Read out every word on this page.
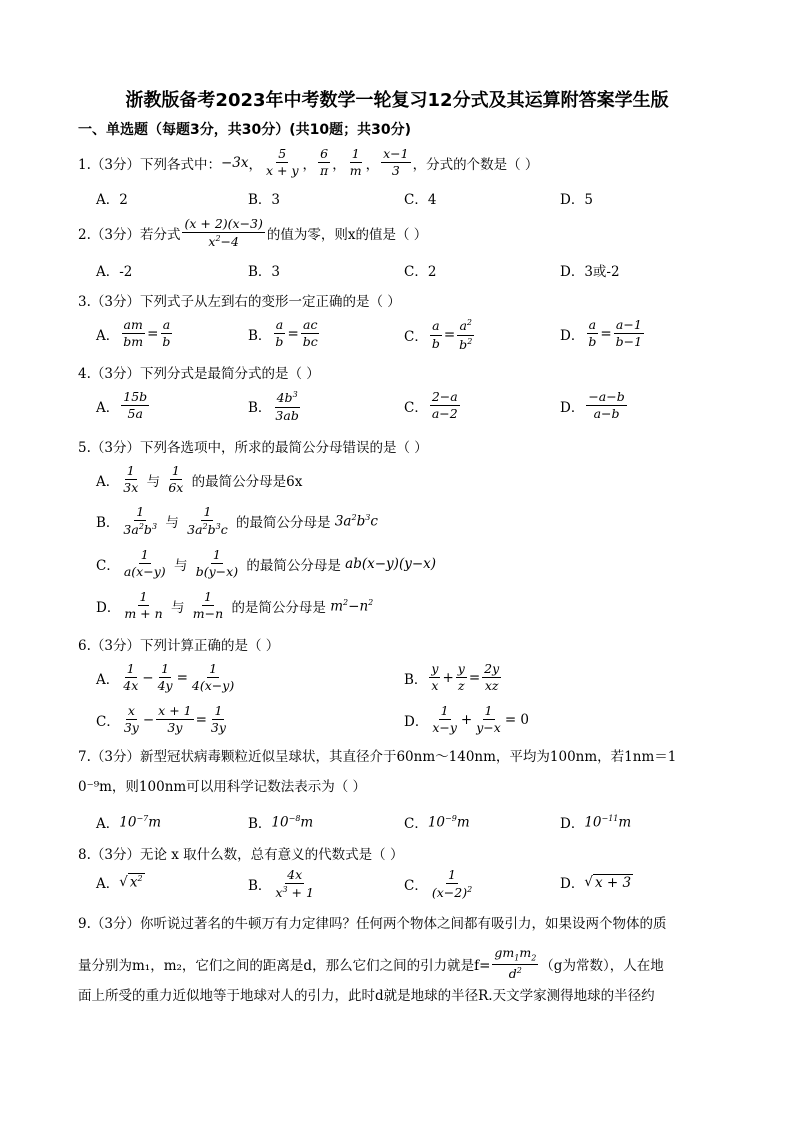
浙教版备考2023年中考数学一轮复习12分式及其运算附答案学生版
一、单选题（每题3分，共30分）(共10题；共30分)
1.（3分）下列各式中： −3x ， $\frac{5}{x + y}$ ， $\frac{6}{\pi}$ ， $\frac{1}{m}$ ， $\frac{x-1}{3}$ ，分式的个数是（ ）
A．2	B．3	C．4	D．5
2.（3分）若分式 $\frac{(x + 2)(x-3)}{x^2-4}$ 的值为零，则x的值是（ ）
A．-2	B．3	C．2	D．3或-2
3.（3分）下列式子从左到右的变形一定正确的是（ ）
A． $\frac{am}{bm} = \frac{a}{b}$	B． $\frac{a}{b} = \frac{ac}{bc}$	C． $\frac{a}{b} = \frac{a^2}{b^2}$	D． $\frac{a}{b} = \frac{a-1}{b-1}$
4.（3分）下列分式是最简分式的是（ ）
A． $\frac{15b}{5a}$	B． $\frac{4b^3}{3ab}$	C． $\frac{2-a}{a-2}$	D． $\frac{-a-b}{a-b}$
5.（3分）下列各选项中，所求的最简公分母错误的是（ ）
A． $\frac{1}{3x}$
与
$\frac{1}{6x}$
的最简公分母是6x
B． $\frac{1}{3a^2b^3}$
与
$\frac{1}{3a^2b^3c}$
的最简公分母是
$3a^2b^3c$
C． $\frac{1}{a(x-y)}$
与
$\frac{1}{b(y-x)}$
的最简公分母是
ab(x−y)(y−x)
D． $\frac{1}{m + n}$
与
$\frac{1}{m-n}$
的是简公分母是
$m^2-n^2$
6.（3分）下列计算正确的是（ ）
A． $\frac{1}{4x} - \frac{1}{4y} = \frac{1}{4(x-y)}$	B． $\frac{y}{x} + \frac{y}{z} = \frac{2y}{xz}$
C． $\frac{x}{3y} - \frac{x + 1}{3y} = \frac{1}{3y}$	D． $\frac{1}{x-y} + \frac{1}{y-x} = 0$
7.（3分）新型冠状病毒颗粒近似呈球状，其直径介于60nm～140nm，平均为100nm，若1nm＝1
0⁻⁹m，则100nm可以用科学记数法表示为（ ）
A． $10^{-7}m$	B． $10^{-8}m$	C． $10^{-9}m$	D． $10^{-11}m$
8.（3分）无论 x 取什么数，总有意义的代数式是（ ）
A． √ $x^2$	B． $\frac{4x}{x^3 + 1}$	C． $\frac{1}{(x-2)^2}$	D． √ x + 3
9.（3分）你听说过著名的牛顿万有力定律吗？任何两个物体之间都有吸引力，如果设两个物体的质
量分别为m₁，m₂，它们之间的距离是d，那么它们之间的引力就是$f= \frac{gm_1m_2}{d^2} (g$为常数），人在地
面上所受的重力近似地等于地球对人的引力，此时d就是地球的半径R.天文学家测得地球的半径约
